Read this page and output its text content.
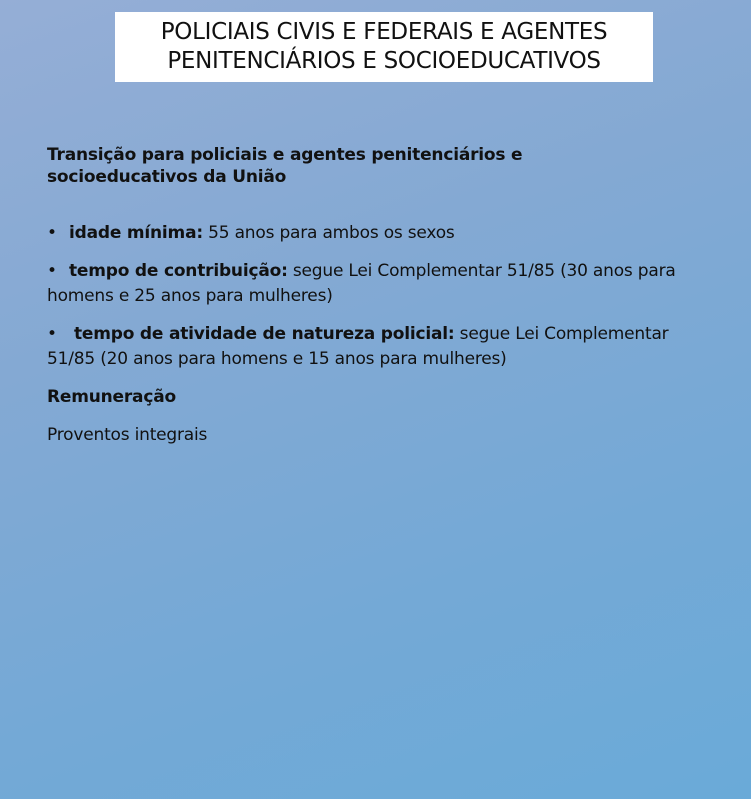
POLICIAIS CIVIS E FEDERAIS E AGENTES
PENITENCIÁRIOS E SOCIOEDUCATIVOS

Transição para policiais e agentes penitenciários e
socioeducativos da União

• idade mínima: 55 anos para ambos os sexos
• tempo de contribuição: segue Lei Complementar 51/85 (30 anos para homens e 25 anos para mulheres)
• tempo de atividade de natureza policial: segue Lei Complementar 51/85 (20 anos para homens e 15 anos para mulheres)

Remuneração

Proventos integrais
